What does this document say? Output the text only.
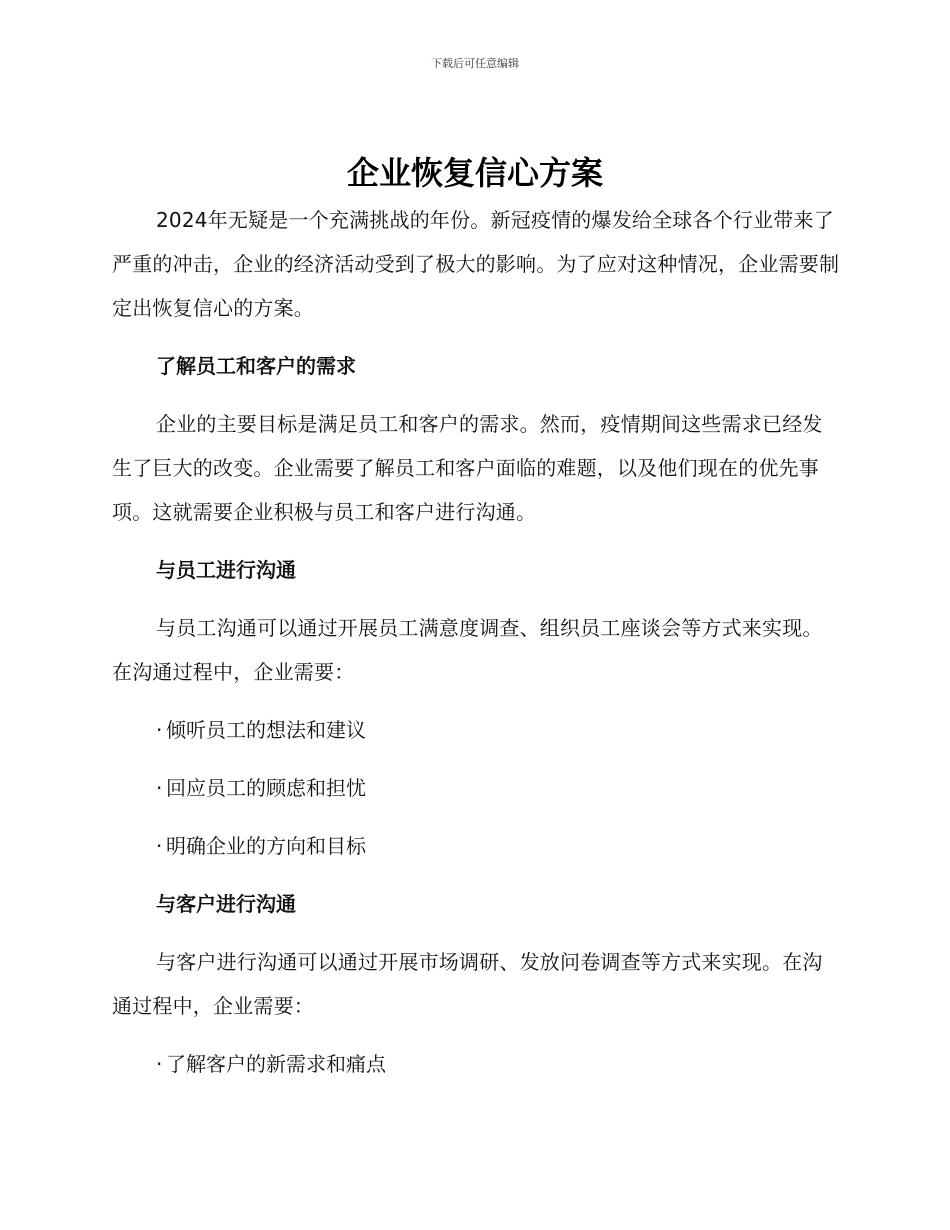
下载后可任意编辑
企业恢复信心方案

2024年无疑是一个充满挑战的年份。新冠疫情的爆发给全球各个行业带来了严重的冲击，企业的经济活动受到了极大的影响。为了应对这种情况，企业需要制定出恢复信心的方案。

了解员工和客户的需求

企业的主要目标是满足员工和客户的需求。然而，疫情期间这些需求已经发生了巨大的改变。企业需要了解员工和客户面临的难题，以及他们现在的优先事项。这就需要企业积极与员工和客户进行沟通。

与员工进行沟通

与员工沟通可以通过开展员工满意度调查、组织员工座谈会等方式来实现。在沟通过程中，企业需要：

· 倾听员工的想法和建议
· 回应员工的顾虑和担忧
· 明确企业的方向和目标
与客户进行沟通

与客户进行沟通可以通过开展市场调研、发放问卷调查等方式来实现。在沟通过程中，企业需要：

· 了解客户的新需求和痛点
